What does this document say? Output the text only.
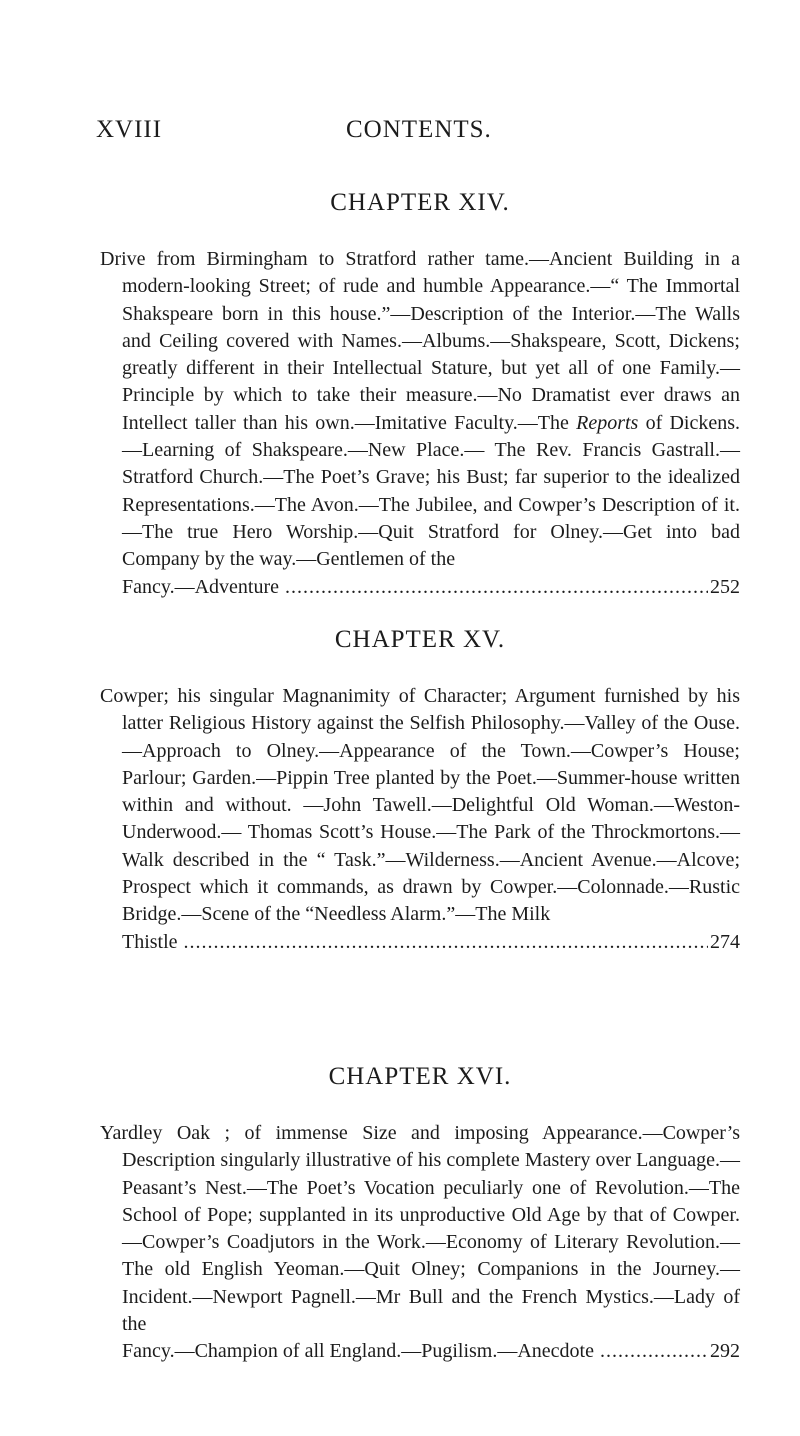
XVIII	CONTENTS.
CHAPTER XIV.
Drive from Birmingham to Stratford rather tame.—Ancient Building in a modern-looking Street; of rude and humble Appearance.—“ The Immortal Shakspeare born in this house.”—Description of the Interior.—The Walls and Ceiling covered with Names.—Albums.—Shakspeare, Scott, Dickens; greatly different in their Intellectual Stature, but yet all of one Family.—Principle by which to take their measure.—No Dramatist ever draws an Intellect taller than his own.—Imitative Faculty.—The Reports of Dickens.—Learning of Shakspeare.—New Place.— The Rev. Francis Gastrall.—Stratford Church.—The Poet’s Grave; his Bust; far superior to the idealized Representations.—The Avon.—The Jubilee, and Cowper’s Description of it.—The true Hero Worship.—Quit Stratford for Olney.—Get into bad Company by the way.—Gentlemen of the
Fancy.—Adventure .....	252
CHAPTER XV.
Cowper; his singular Magnanimity of Character; Argument furnished by his latter Religious History against the Selfish Philosophy.—Valley of the Ouse.—Approach to Olney.—Appearance of the Town.—Cowper’s House; Parlour; Garden.—Pippin Tree planted by the Poet.—Summer-house written within and without. —John Tawell.—Delightful Old Woman.—Weston-Underwood.— Thomas Scott’s House.—The Park of the Throckmortons.—Walk described in the “ Task.”—Wilderness.—Ancient Avenue.—Alcove; Prospect which it commands, as drawn by Cowper.—Colonnade.—Rustic Bridge.—Scene of the “Needless Alarm.”—The Milk
Thistle .....	274
CHAPTER XVI.
Yardley Oak ; of immense Size and imposing Appearance.—Cowper’s Description singularly illustrative of his complete Mastery over Language.—Peasant’s Nest.—The Poet’s Vocation peculiarly one of Revolution.—The School of Pope; supplanted in its unproductive Old Age by that of Cowper.—Cowper’s Coadjutors in the Work.—Economy of Literary Revolution.—The old English Yeoman.—Quit Olney; Companions in the Journey.—Incident.—Newport Pagnell.—Mr Bull and the French Mystics.—Lady of the
Fancy.—Champion of all England.—Pugilism.—Anecdote .....	292
